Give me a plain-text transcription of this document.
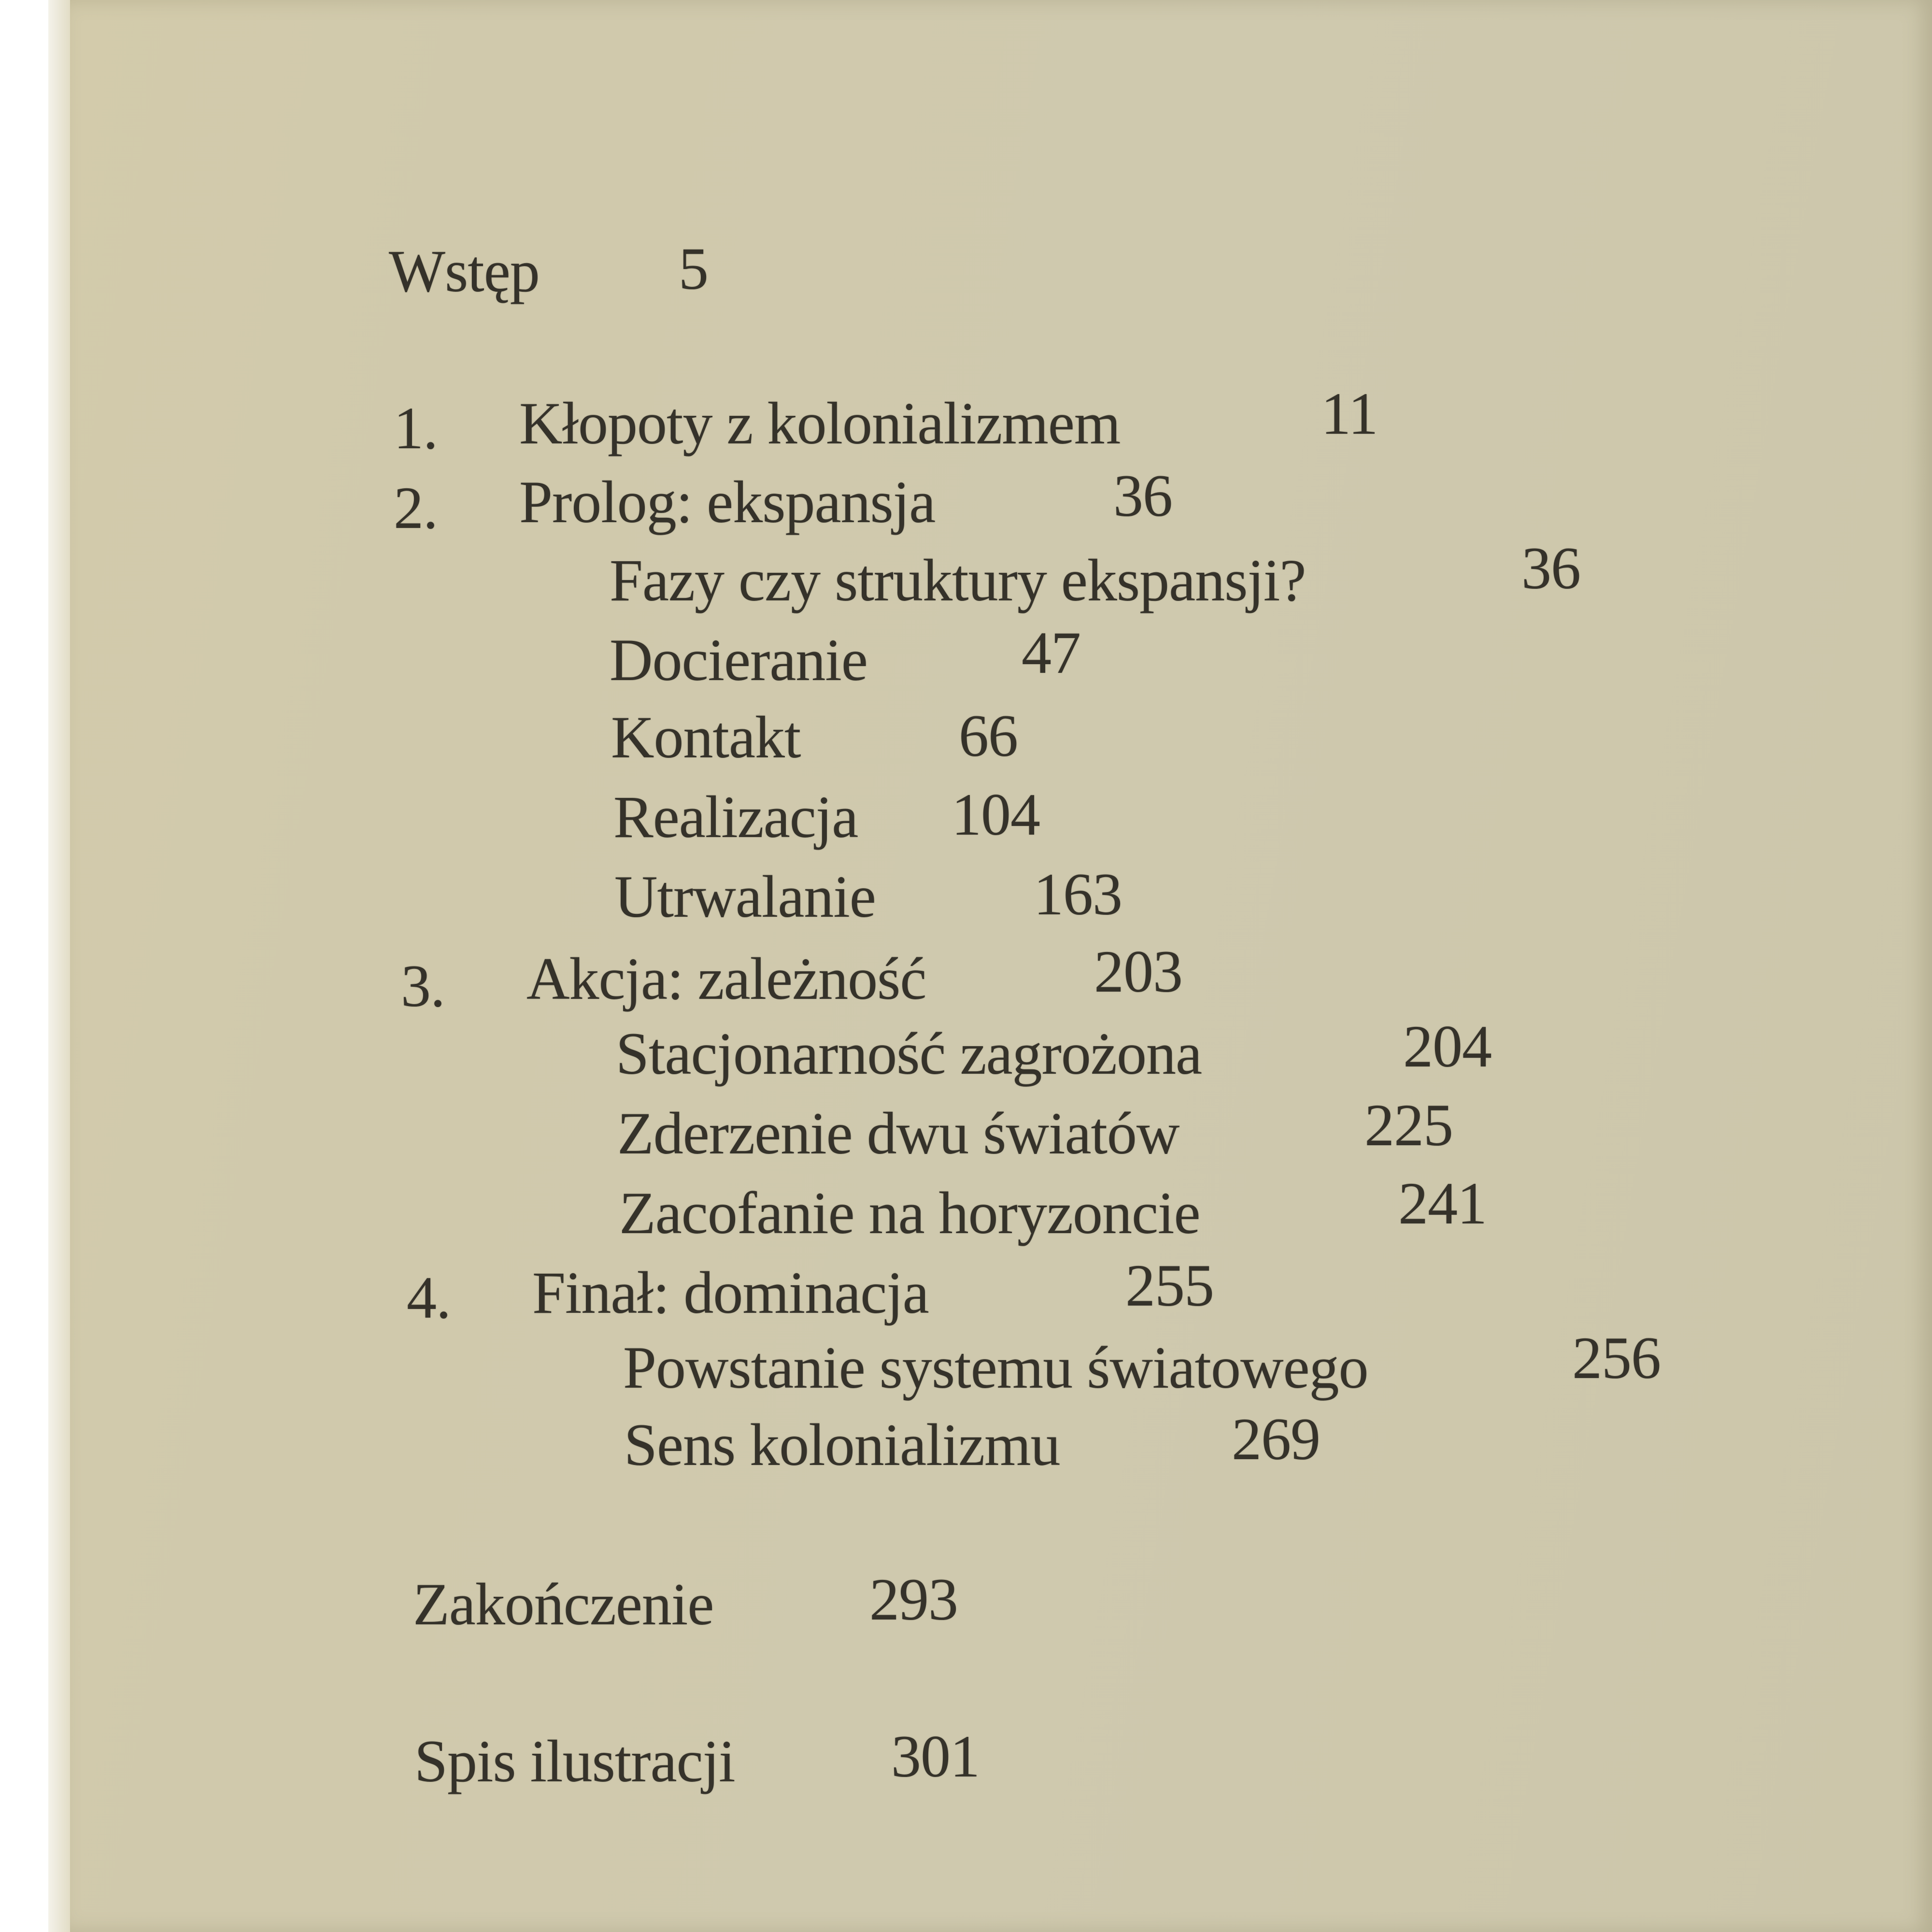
Wstęp 5
1. Kłopoty z kolonializmem	11
2. Prolog: ekspansja	36
Fazy czy struktury ekspansji?	36
Docieranie	47
Kontakt	66
Realizacja 104
Utrwalanie	163
3. Akcja: zależność	203
Stacjonarność zagrożona	204
Zderzenie dwu światów	225
Zacofanie na horyzoncie	241
4. Finał: dominacja	255
Powstanie systemu światowego	256
Sens kolonializmu	269
Zakończenie	293
Spis ilustracji	301
